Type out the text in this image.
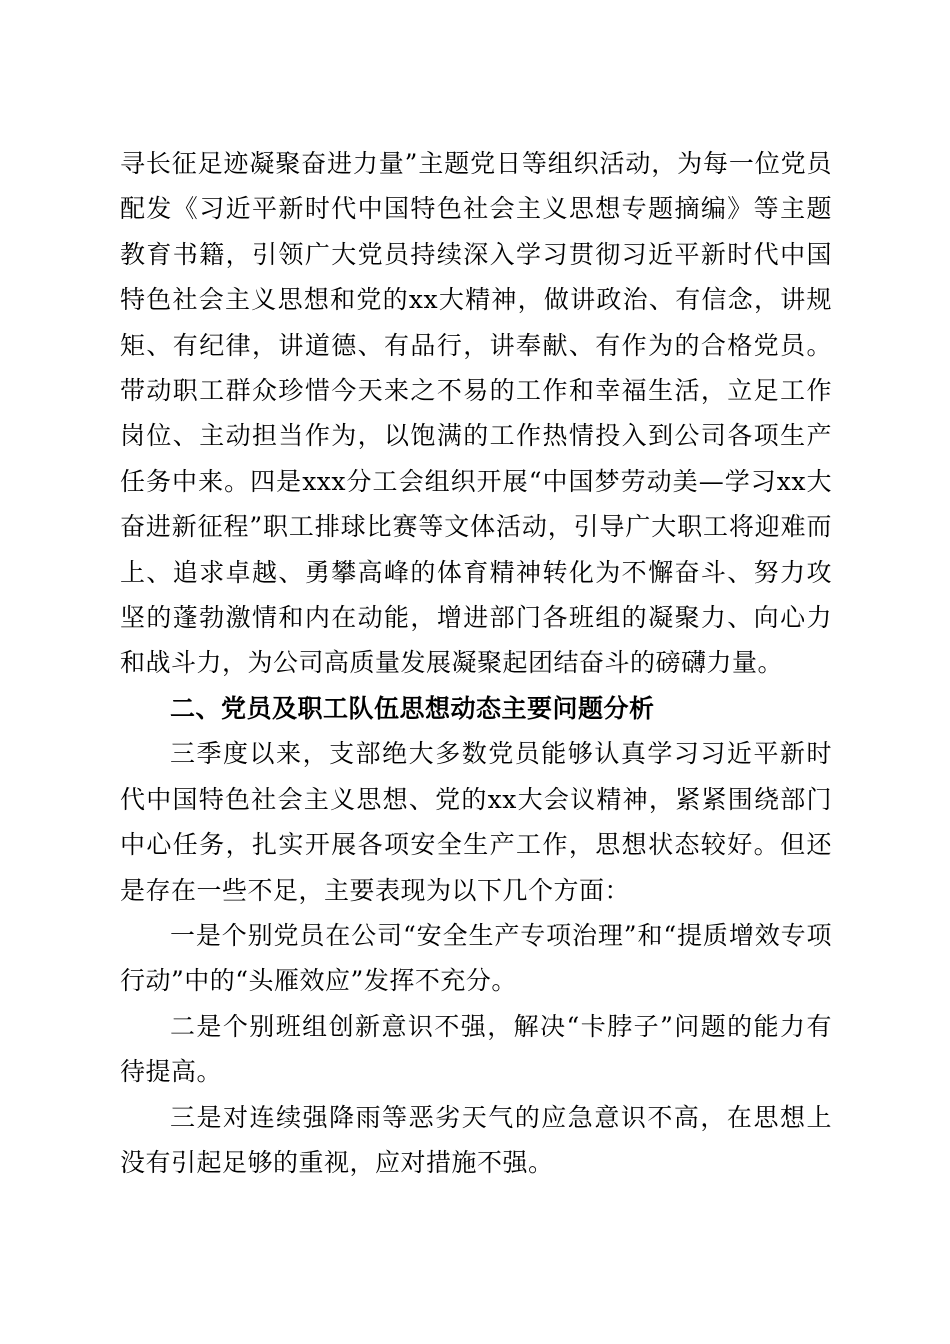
寻长征足迹凝聚奋进力量”主题党日等组织活动，为每一位党员配发《习近平新时代中国特色社会主义思想专题摘编》等主题教育书籍，引领广大党员持续深入学习贯彻习近平新时代中国特色社会主义思想和党的xx大精神，做讲政治、有信念，讲规矩、有纪律，讲道德、有品行，讲奉献、有作为的合格党员。带动职工群众珍惜今天来之不易的工作和幸福生活，立足工作岗位、主动担当作为，以饱满的工作热情投入到公司各项生产任务中来。四是xxx分工会组织开展“中国梦劳动美—学习xx大奋进新征程”职工排球比赛等文体活动，引导广大职工将迎难而上、追求卓越、勇攀高峰的体育精神转化为不懈奋斗、努力攻坚的蓬勃激情和内在动能，增进部门各班组的凝聚力、向心力和战斗力，为公司高质量发展凝聚起团结奋斗的磅礴力量。

二、党员及职工队伍思想动态主要问题分析

三季度以来，支部绝大多数党员能够认真学习习近平新时代中国特色社会主义思想、党的xx大会议精神，紧紧围绕部门中心任务，扎实开展各项安全生产工作，思想状态较好。但还是存在一些不足，主要表现为以下几个方面：

一是个别党员在公司“安全生产专项治理”和“提质增效专项行动”中的“头雁效应”发挥不充分。

二是个别班组创新意识不强，解决“卡脖子”问题的能力有待提高。

三是对连续强降雨等恶劣天气的应急意识不高，在思想上没有引起足够的重视，应对措施不强。
